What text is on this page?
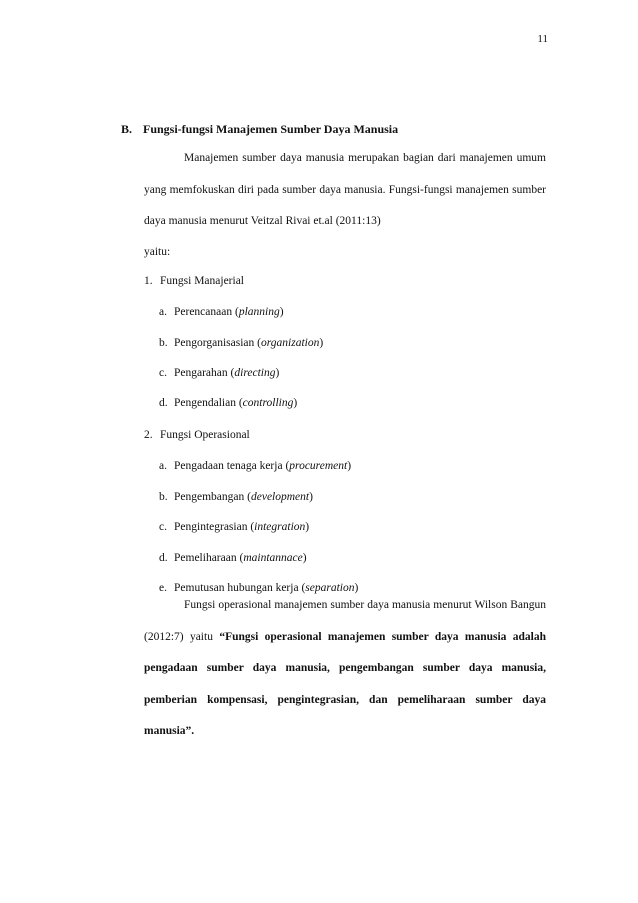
11
B. Fungsi-fungsi Manajemen Sumber Daya Manusia

Manajemen sumber daya manusia merupakan bagian dari manajemen umum yang memfokuskan diri pada sumber daya manusia. Fungsi-fungsi manajemen sumber daya manusia menurut Veitzal Rivai et.al (2011:13)

yaitu:
1. Fungsi Manajerial
a. Perencanaan (planning)
b. Pengorganisasian (organization)
c. Pengarahan (directing)
d. Pengendalian (controlling)
2. Fungsi Operasional
a. Pengadaan tenaga kerja (procurement)
b. Pengembangan (development)
c. Pengintegrasian (integration)
d. Pemeliharaan (maintannace)
e. Pemutusan hubungan kerja (separation)

Fungsi operasional manajemen sumber daya manusia menurut Wilson Bangun (2012:7) yaitu “Fungsi operasional manajemen sumber daya manusia adalah pengadaan sumber daya manusia, pengembangan sumber daya manusia, pemberian kompensasi, pengintegrasian, dan pemeliharaan sumber daya manusia”.
